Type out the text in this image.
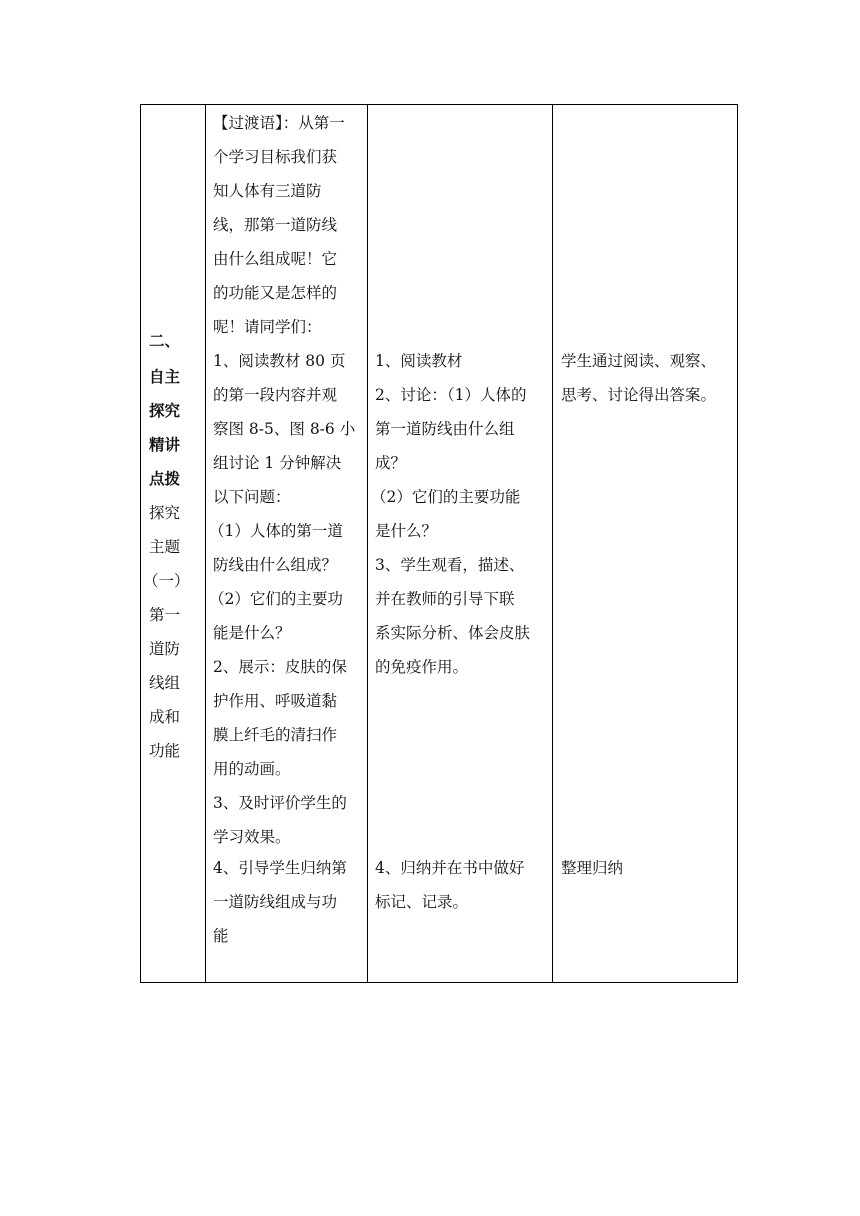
二、
自主
探究
精讲
点拨
探究
主题
（一）
第一
道防
线组
成和
功能
【过渡语】：从第一
个学习目标我们获
知人体有三道防
线，那第一道防线
由什么组成呢！它
的功能又是怎样的
呢！请同学们：
1、阅读教材 80 页
的第一段内容并观
察图 8-5、图 8-6 小
组讨论 1 分钟解决
以下问题：
（1）人体的第一道
防线由什么组成？
（2）它们的主要功
能是什么？
2、展示：皮肤的保
护作用、呼吸道黏
膜上纤毛的清扫作
用的动画。
3、及时评价学生的
学习效果。
4、引导学生归纳第
一道防线组成与功
能
1、阅读教材
2、讨论：（1）人体的
第一道防线由什么组
成？
（2）它们的主要功能
是什么？
3、学生观看，描述、
并在教师的引导下联
系实际分析、体会皮肤
的免疫作用。
4、归纳并在书中做好
标记、记录。
学生通过阅读、观察、
思考、讨论得出答案。
整理归纳
